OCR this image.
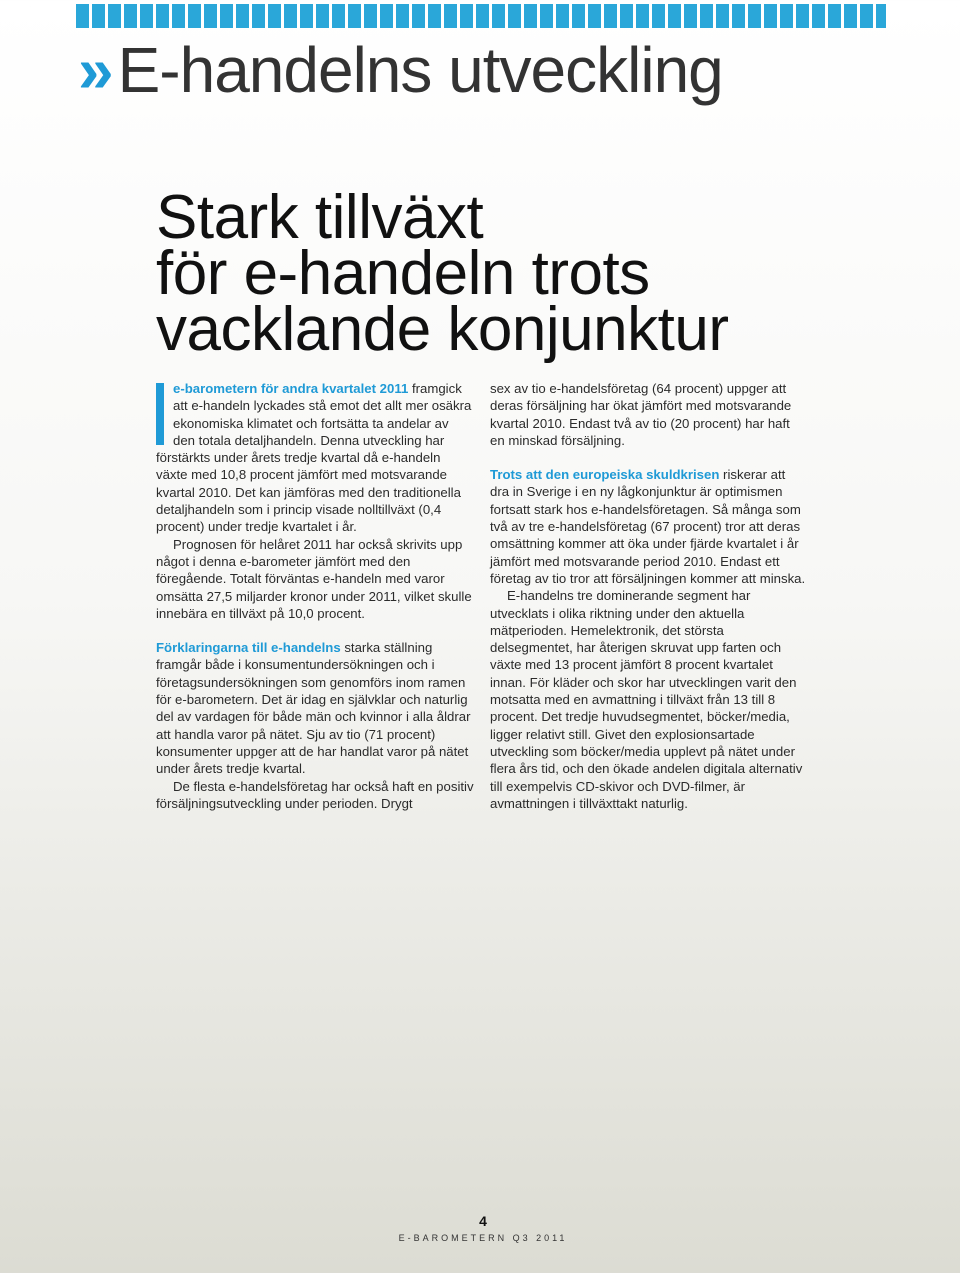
» E-handelns utveckling
Stark tillväxt
för e-handeln trots
vacklande konjunktur

e-barometern för andra kvartalet 2011 framgick att e-handeln lyckades stå emot det allt mer osäkra ekonomiska klimatet och fortsätta ta andelar av den totala detaljhandeln. Denna utveckling har förstärkts under årets tredje kvartal då e-handeln växte med 10,8 procent jämfört med motsvarande kvartal 2010. Det kan jämföras med den traditionella detaljhandeln som i princip visade nolltillväxt (0,4 procent) under tredje kvartalet i år.

Prognosen för helåret 2011 har också skrivits upp något i denna e-barometer jämfört med den föregående. Totalt förväntas e-handeln med varor omsätta 27,5 miljarder kronor under 2011, vilket skulle innebära en tillväxt på 10,0 procent.

Förklaringarna till e-handelns starka ställning framgår både i konsumentundersökningen och i företagsundersökningen som genomförs inom ramen för e-barometern. Det är idag en självklar och naturlig del av vardagen för både män och kvinnor i alla åldrar att handla varor på nätet. Sju av tio (71 procent) konsumenter uppger att de har handlat varor på nätet under årets tredje kvartal.

De flesta e-handelsföretag har också haft en positiv försäljningsutveckling under perioden. Drygt

sex av tio e-handelsföretag (64 procent) uppger att deras försäljning har ökat jämfört med motsvarande kvartal 2010. Endast två av tio (20 procent) har haft en minskad försäljning.

Trots att den europeiska skuldkrisen riskerar att dra in Sverige i en ny lågkonjunktur är optimismen fortsatt stark hos e-handelsföretagen. Så många som två av tre e-handelsföretag (67 procent) tror att deras omsättning kommer att öka under fjärde kvartalet i år jämfört med motsvarande period 2010. Endast ett företag av tio tror att försäljningen kommer att minska.

E-handelns tre dominerande segment har utvecklats i olika riktning under den aktuella mätperioden. Hemelektronik, det största delsegmentet, har återigen skruvat upp farten och växte med 13 procent jämfört 8 procent kvartalet innan. För kläder och skor har utvecklingen varit den motsatta med en avmattning i tillväxt från 13 till 8 procent. Det tredje huvudsegmentet, böcker/media, ligger relativt still. Givet den explosionsartade utveckling som böcker/media upplevt på nätet under flera års tid, och den ökade andelen digitala alternativ till exempelvis CD-skivor och DVD-filmer, är avmattningen i tillväxttakt naturlig.

4
E-BAROMETERN Q3 2011
